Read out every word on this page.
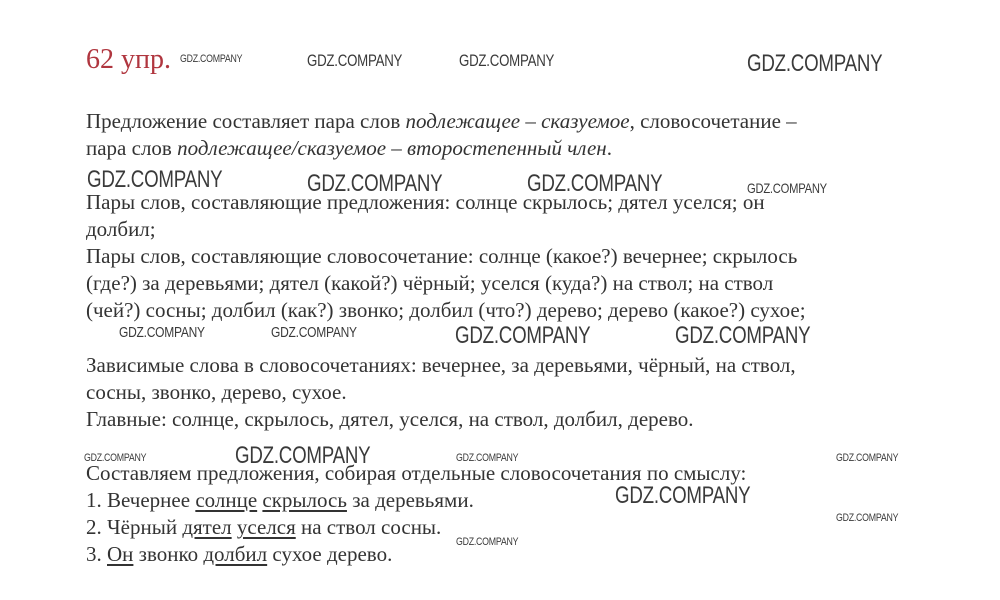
62 упр.
Предложение составляет пара слов подлежащее – сказуемое, словосочетание –
пара слов подлежащее/сказуемое – второстепенный член.
Пары слов, составляющие предложения: солнце скрылось; дятел уселся; он
долбил;
Пары слов, составляющие словосочетание: солнце (какое?) вечернее; скрылось
(где?) за деревьями; дятел (какой?) чёрный; уселся (куда?) на ствол; на ствол
(чей?) сосны; долбил (как?) звонко; долбил (что?) дерево; дерево (какое?) сухое;
Зависимые слова в словосочетаниях: вечернее, за деревьями, чёрный, на ствол,
сосны, звонко, дерево, сухое.
Главные: солнце, скрылось, дятел, уселся, на ствол, долбил, дерево.
Составляем предложения, собирая отдельные словосочетания по смыслу:
1. Вечернее солнце скрылось за деревьями.
2. Чёрный дятел уселся на ствол сосны.
3. Он звонко долбил сухое дерево.
GDZ.COMPANY	GDZ.COMPANY	GDZ.COMPANY	GDZ.COMPANY
GDZ.COMPANY	GDZ.COMPANY	GDZ.COMPANY	GDZ.COMPANY
GDZ.COMPANY	GDZ.COMPANY	GDZ.COMPANY	GDZ.COMPANY
GDZ.COMPANY	GDZ.COMPANY	GDZ.COMPANY	GDZ.COMPANY
GDZ.COMPANY
GDZ.COMPANY
GDZ.COMPANY
